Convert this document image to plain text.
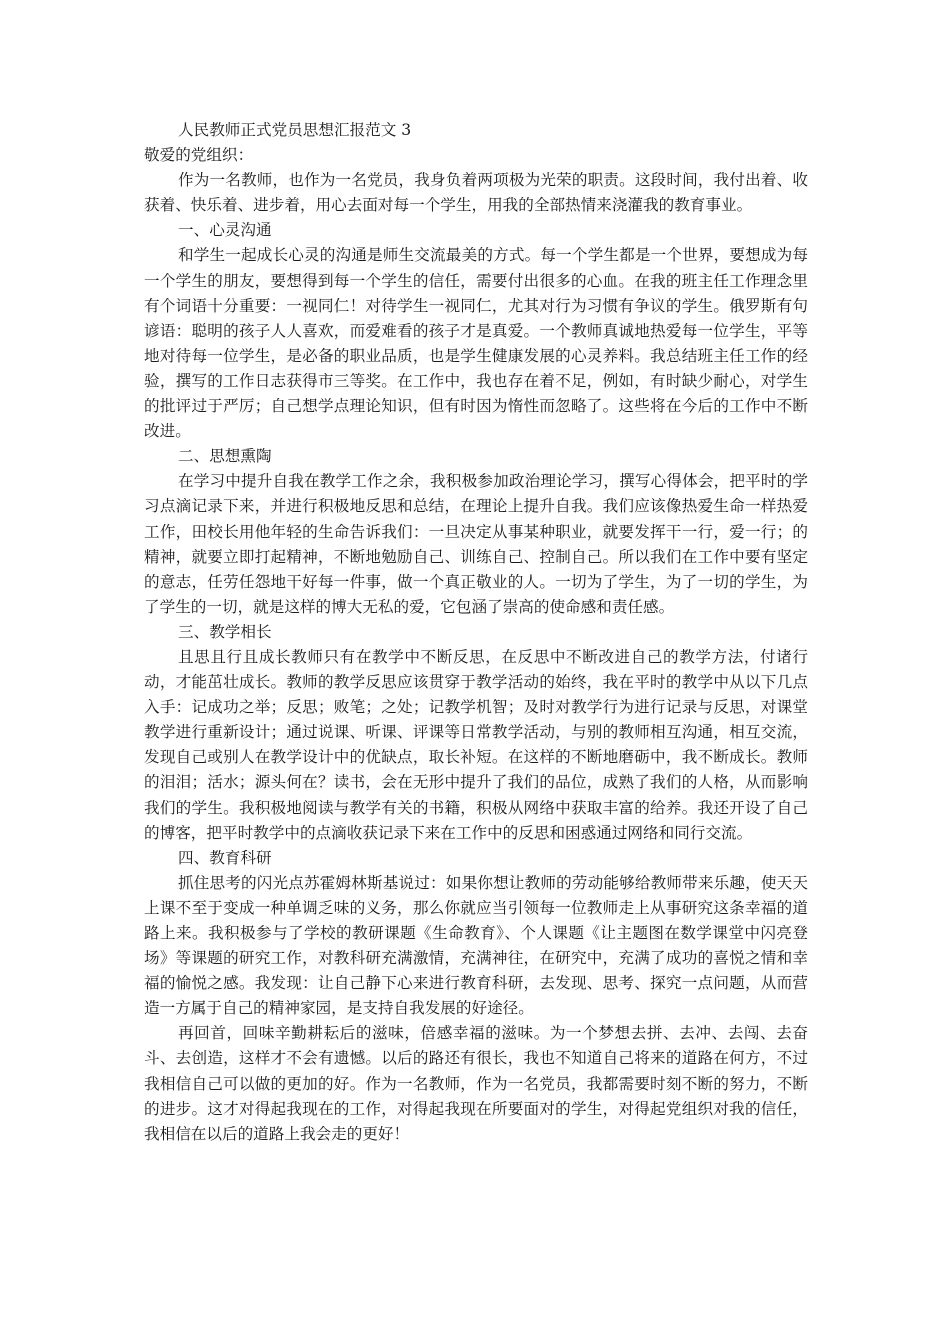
人民教师正式党员思想汇报范文 3

敬爱的党组织：

作为一名教师，也作为一名党员，我身负着两项极为光荣的职责。这段时间，我付出着、收获着、快乐着、进步着，用心去面对每一个学生，用我的全部热情来浇灌我的教育事业。

一、心灵沟通

和学生一起成长心灵的沟通是师生交流最美的方式。每一个学生都是一个世界，要想成为每一个学生的朋友，要想得到每一个学生的信任，需要付出很多的心血。在我的班主任工作理念里有个词语十分重要：一视同仁！对待学生一视同仁，尤其对行为习惯有争议的学生。俄罗斯有句谚语：聪明的孩子人人喜欢，而爱难看的孩子才是真爱。一个教师真诚地热爱每一位学生，平等地对待每一位学生，是必备的职业品质，也是学生健康发展的心灵养料。我总结班主任工作的经验，撰写的工作日志获得市三等奖。在工作中，我也存在着不足，例如，有时缺少耐心，对学生的批评过于严厉；自己想学点理论知识，但有时因为惰性而忽略了。这些将在今后的工作中不断改进。

二、思想熏陶

在学习中提升自我在教学工作之余，我积极参加政治理论学习，撰写心得体会，把平时的学习点滴记录下来，并进行积极地反思和总结，在理论上提升自我。我们应该像热爱生命一样热爱工作，田校长用他年轻的生命告诉我们：一旦决定从事某种职业，就要发挥干一行，爱一行；的精神，就要立即打起精神，不断地勉励自己、训练自己、控制自己。所以我们在工作中要有坚定的意志，任劳任怨地干好每一件事，做一个真正敬业的人。一切为了学生，为了一切的学生，为了学生的一切，就是这样的博大无私的爱，它包涵了崇高的使命感和责任感。

三、教学相长

且思且行且成长教师只有在教学中不断反思，在反思中不断改进自己的教学方法，付诸行动，才能茁壮成长。教师的教学反思应该贯穿于教学活动的始终，我在平时的教学中从以下几点入手：记成功之举；反思；败笔；之处；记教学机智；及时对教学行为进行记录与反思，对课堂教学进行重新设计；通过说课、听课、评课等日常教学活动，与别的教师相互沟通，相互交流，发现自己或别人在教学设计中的优缺点，取长补短。在这样的不断地磨砺中，我不断成长。教师的泪泪；活水；源头何在？读书，会在无形中提升了我们的品位，成熟了我们的人格，从而影响我们的学生。我积极地阅读与教学有关的书籍，积极从网络中获取丰富的给养。我还开设了自己的博客，把平时教学中的点滴收获记录下来在工作中的反思和困惑通过网络和同行交流。

四、教育科研

抓住思考的闪光点苏霍姆林斯基说过：如果你想让教师的劳动能够给教师带来乐趣，使天天上课不至于变成一种单调乏味的义务，那么你就应当引领每一位教师走上从事研究这条幸福的道路上来。我积极参与了学校的教研课题《生命教育》、个人课题《让主题图在数学课堂中闪亮登场》等课题的研究工作，对教科研充满激情，充满神往，在研究中，充满了成功的喜悦之情和幸福的愉悦之感。我发现：让自己静下心来进行教育科研，去发现、思考、探究一点问题，从而营造一方属于自己的精神家园，是支持自我发展的好途径。

再回首，回味辛勤耕耘后的滋味，倍感幸福的滋味。为一个梦想去拼、去冲、去闯、去奋斗、去创造，这样才不会有遗憾。以后的路还有很长，我也不知道自己将来的道路在何方，不过我相信自己可以做的更加的好。作为一名教师，作为一名党员，我都需要时刻不断的努力，不断的进步。这才对得起我现在的工作，对得起我现在所要面对的学生，对得起党组织对我的信任，我相信在以后的道路上我会走的更好！
